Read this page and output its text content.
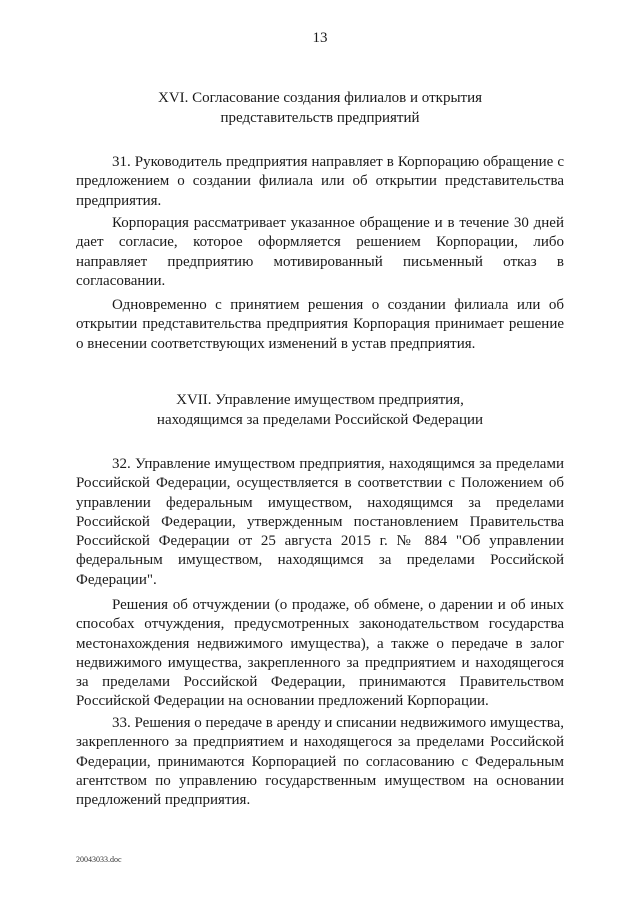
13
XVI. Согласование создания филиалов и открытия
представительств предприятий

31. Руководитель предприятия направляет в Корпорацию обращение с предложением о создании филиала или об открытии представительства предприятия.

Корпорация рассматривает указанное обращение и в течение 30 дней дает согласие, которое оформляется решением Корпорации, либо направляет предприятию мотивированный письменный отказ в согласовании.

Одновременно с принятием решения о создании филиала или об открытии представительства предприятия Корпорация принимает решение о внесении соответствующих изменений в устав предприятия.

XVII. Управление имуществом предприятия,
находящимся за пределами Российской Федерации

32. Управление имуществом предприятия, находящимся за пределами Российской Федерации, осуществляется в соответствии с Положением об управлении федеральным имуществом, находящимся за пределами Российской Федерации, утвержденным постановлением Правительства Российской Федерации от 25 августа 2015 г. № 884 "Об управлении федеральным имуществом, находящимся за пределами Российской Федерации".

Решения об отчуждении (о продаже, об обмене, о дарении и об иных способах отчуждения, предусмотренных законодательством государства местонахождения недвижимого имущества), а также о передаче в залог недвижимого имущества, закрепленного за предприятием и находящегося за пределами Российской Федерации, принимаются Правительством Российской Федерации на основании предложений Корпорации.

33. Решения о передаче в аренду и списании недвижимого имущества, закрепленного за предприятием и находящегося за пределами Российской Федерации, принимаются Корпорацией по согласованию с Федеральным агентством по управлению государственным имуществом на основании предложений предприятия.

20043033.doc
